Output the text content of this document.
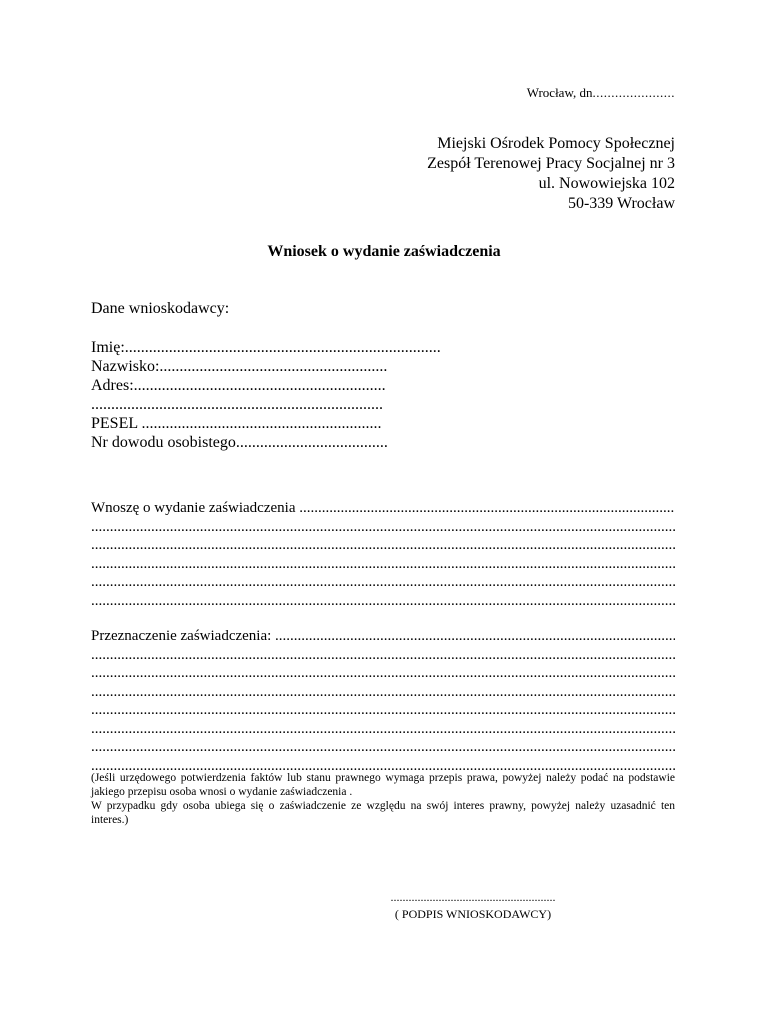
Wrocław, dn......................
Miejski Ośrodek Pomocy Społecznej
Zespół Terenowej Pracy Socjalnej nr 3
ul. Nowowiejska 102
50-339 Wrocław
Wniosek o wydanie zaświadczenia
Dane wnioskodawcy:
Imię:...............................................................................
Nazwisko:.........................................................
Adres:...............................................................
.........................................................................
PESEL ............................................................
Nr dowodu osobistego......................................
Wnoszę o wydanie zaświadczenia .....
.....
.....
.....
.....
.....
Przeznaczenie zaświadczenia: .....
.....
.....
.....
.....
.....
.....
.....

(Jeśli urzędowego potwierdzenia faktów lub stanu prawnego wymaga przepis prawa, powyżej należy podać na podstawie jakiego przepisu osoba wnosi o wydanie zaświadczenia .

W przypadku gdy osoba ubiega się o zaświadczenie ze względu na swój interes prawny, powyżej należy uzasadnić ten interes.)

.......................................................
( PODPIS WNIOSKODAWCY)
